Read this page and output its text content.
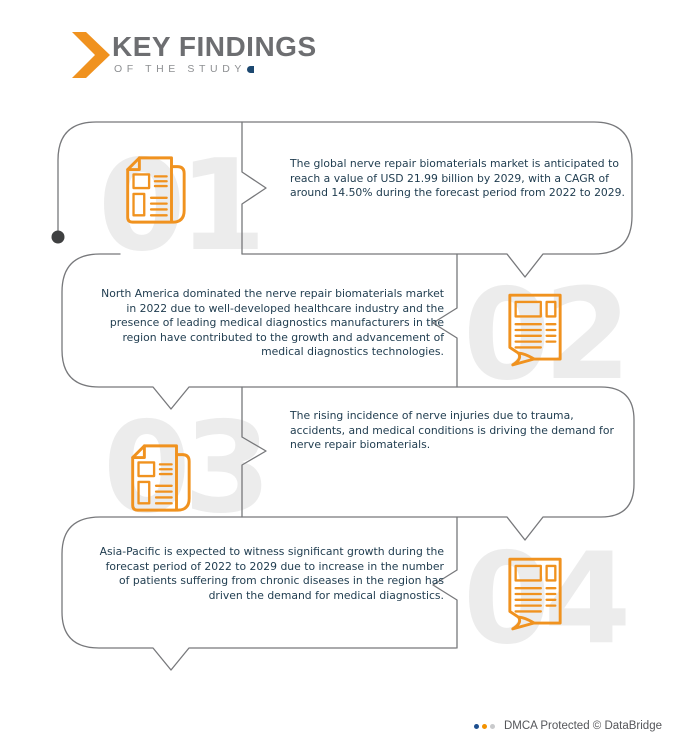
KEY FINDINGS
OF THE STUDY
01
02
03
04
The global nerve repair biomaterials market is anticipated to reach a value of USD 21.99 billion by 2029, with a CAGR of around 14.50% during the forecast period from 2022 to 2029.
North America dominated the nerve repair biomaterials market in 2022 due to well-developed healthcare industry and the presence of leading medical diagnostics manufacturers in the region have contributed to the growth and advancement of medical diagnostics technologies.
The rising incidence of nerve injuries due to trauma, accidents, and medical conditions is driving the demand for nerve repair biomaterials.
Asia-Pacific is expected to witness significant growth during the forecast period of 2022 to 2029 due to increase in the number of patients suffering from chronic diseases in the region has driven the demand for medical diagnostics.
DMCA Protected © DataBridge
